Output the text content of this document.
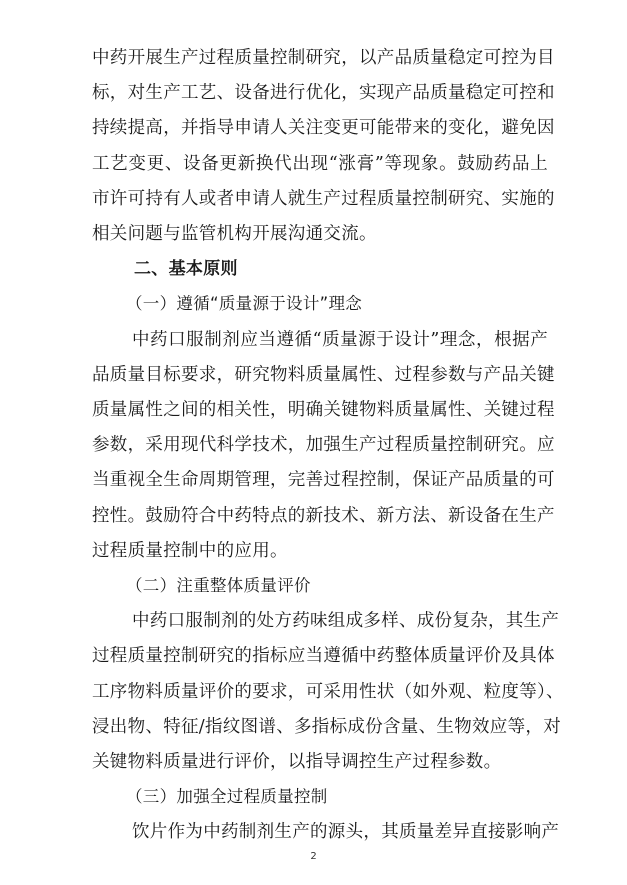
中药开展生产过程质量控制研究，以产品质量稳定可控为目
标，对生产工艺、设备进行优化，实现产品质量稳定可控和
持续提高，并指导申请人关注变更可能带来的变化，避免因
工艺变更、设备更新换代出现“涨膏”等现象。鼓励药品上
市许可持有人或者申请人就生产过程质量控制研究、实施的
相关问题与监管机构开展沟通交流。
二、基本原则
（一）遵循“质量源于设计”理念
中药口服制剂应当遵循“质量源于设计”理念，根据产
品质量目标要求，研究物料质量属性、过程参数与产品关键
质量属性之间的相关性，明确关键物料质量属性、关键过程
参数，采用现代科学技术，加强生产过程质量控制研究。应
当重视全生命周期管理，完善过程控制，保证产品质量的可
控性。鼓励符合中药特点的新技术、新方法、新设备在生产
过程质量控制中的应用。
（二）注重整体质量评价
中药口服制剂的处方药味组成多样、成份复杂，其生产
过程质量控制研究的指标应当遵循中药整体质量评价及具体
工序物料质量评价的要求，可采用性状（如外观、粒度等）、
浸出物、特征/指纹图谱、多指标成份含量、生物效应等，对
2
关键物料质量进行评价，以指导调控生产过程参数。
（三）加强全过程质量控制
饮片作为中药制剂生产的源头，其质量差异直接影响产
